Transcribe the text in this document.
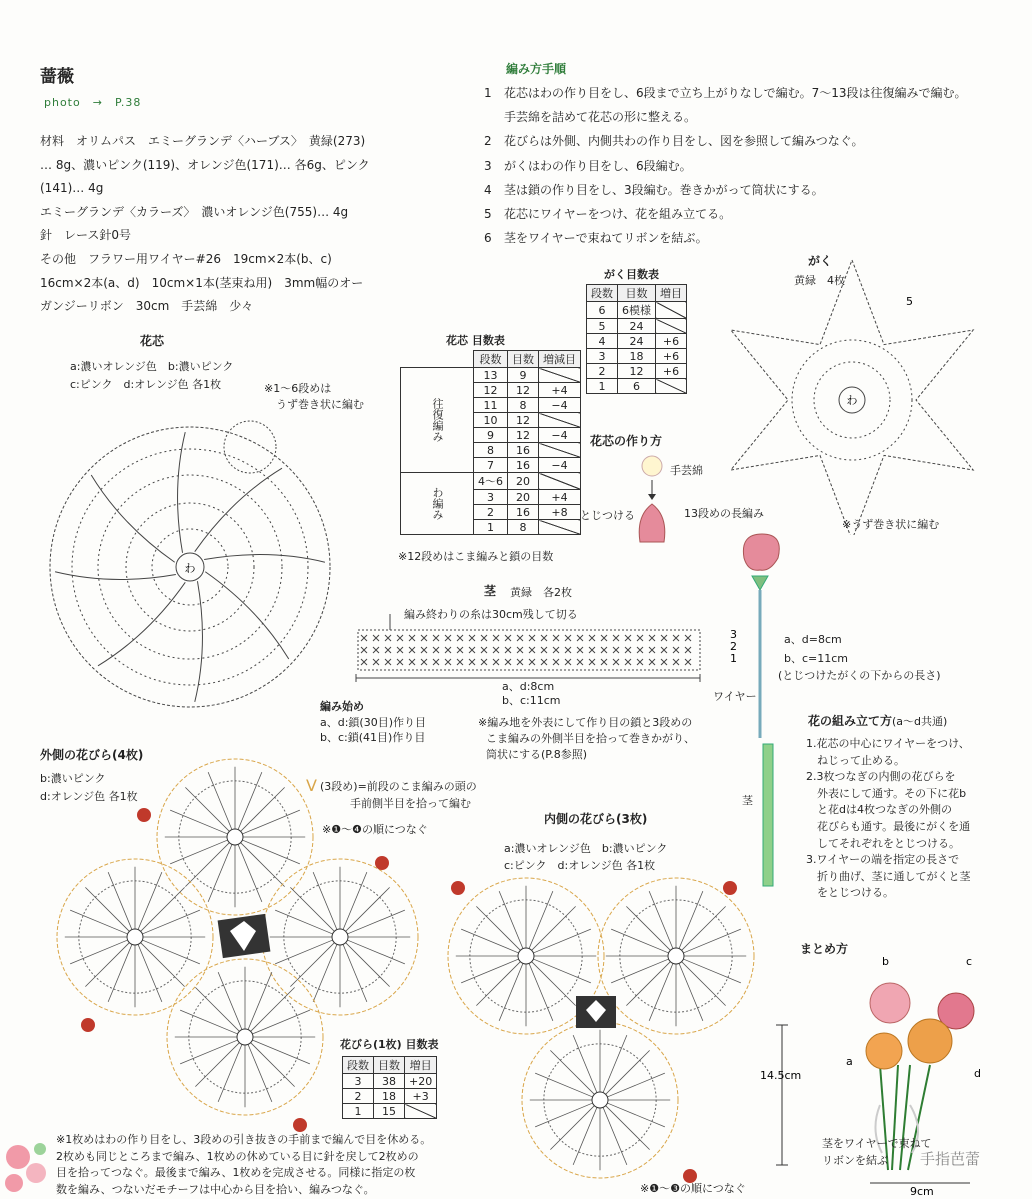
蔷薇
photo　→　P.38
材料　オリムパス　エミーグランデ〈ハーブス〉　黄緑(273)
… 8g、濃いピンク(119)、オレンジ色(171)… 各6g、ピンク
(141)… 4g
エミーグランデ〈カラーズ〉　濃いオレンジ色(755)… 4g
針　レース針0号
その他　フラワー用ワイヤー#26　19cm×2本(b、c)
16cm×2本(a、d)　10cm×1本(茎束ね用)　3mm幅のオー
ガンジーリボン　30cm　手芸綿　少々
編み方手順
1 花芯はわの作り目をし、6段まで立ち上がりなしで編む。7〜13段は往復編みで編む。
手芸綿を詰めて花芯の形に整える。
2 花びらは外側、内側共わの作り目をし、図を参照して編みつなぐ。
3 がくはわの作り目をし、6段編む。
4 茎は鎖の作り目をし、3段編む。巻きかがって筒状にする。
5 花芯にワイヤーをつけ、花を組み立てる。
6 茎をワイヤーで束ねてリボンを結ぶ。
花芯
a:濃いオレンジ色　b:濃いピンク
c:ピンク　d:オレンジ色 各1枚	※1〜6段めは
うず巻き状に編む
わ
花芯 目数表
	段数	目数	増減目
往復編み	13	9	
	12	12	+4
	11	8	−4
	10	12	
	9	12	−4
	8	16	
	7	16	−4
わ編み	4〜6	20	
	3	20	+4
	2	16	+8
	1	8	
※12段めはこま編みと鎖の目数
がく目数表
段数	目数	増目
6	6模様	
5	24	
4	24	+6
3	18	+6
2	12	+6
1	6	
がく
黄緑　4枚
わ
5
※うず巻き状に編む
花芯の作り方
手芸綿
とじつける	13段めの長編み
茎 黄緑　各2枚
編み終わりの糸は30cm残して切る
3
2
1
a、d:8cm
b、c:11cm
編み始め
a、d:鎖(30目)作り目
b、c:鎖(41目)作り目
※編み地を外表にして作り目の鎖と3段めの
こま編みの外側半目を拾って巻きかがり、
筒状にする(P.8参照)
a、d=8cm
b、c=11cm
(とじつけたがくの下からの長さ)
ワイヤー
茎
花の組み立て方(a〜d共通)
1.花芯の中心にワイヤーをつけ、
　ねじって止める。
2.3枚つなぎの内側の花びらを
　外表にして通す。その下に花b
　と花dは4枚つなぎの外側の
　花びらも通す。最後にがくを通
　してそれぞれをとじつける。
3.ワイヤーの端を指定の長さで
　折り曲げ、茎に通してがくと茎
　をとじつける。
外側の花びら(4枚)
b:濃いピンク
d:オレンジ色 各1枚
V (3段め)=前段のこま編みの頭の
手前側半目を拾って編む
※❶〜❹の順につなぐ
内側の花びら(3枚)
a:濃いオレンジ色　b:濃いピンク
c:ピンク　d:オレンジ色 各1枚
※❶〜❸の順につなぐ
花びら(1枚) 目数表
段数	目数	増目
3	38	+20
2	18	+3
1	15	
※1枚めはわの作り目をし、3段めの引き抜きの手前まで編んで目を休める。
2枚めも同じところまで編み、1枚めの休めている目に針を戻して2枚めの
目を拾ってつなぐ。最後まで編み、1枚めを完成させる。同様に指定の枚
数を編み、つないだモチーフは中心から目を拾い、編みつなぐ。
まとめ方
b	c
a
d
14.5cm
9cm
茎をワイヤーで束ねて
リボンを結ぶ 手指芭蕾
